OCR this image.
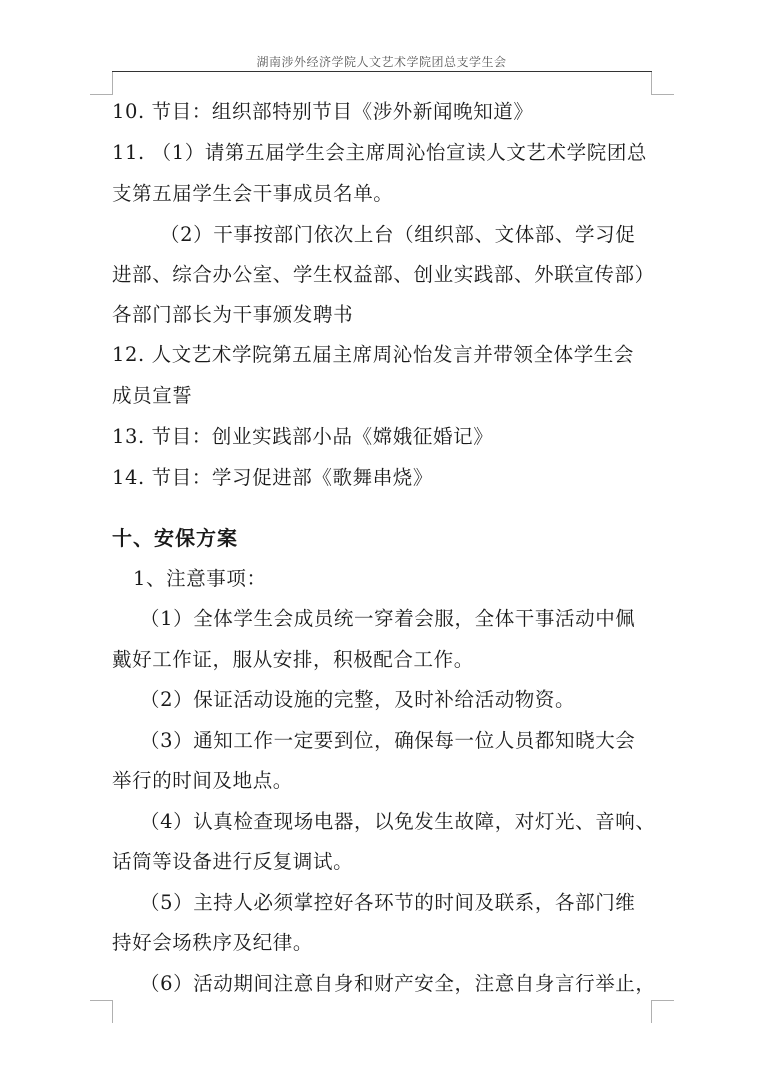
湖南涉外经济学院人文艺术学院团总支学生会
10. 节目：组织部特别节目《涉外新闻晚知道》
11. （1）请第五届学生会主席周沁怡宣读人文艺术学院团总
支第五届学生会干事成员名单。
（2）干事按部门依次上台（组织部、文体部、学习促
进部、综合办公室、学生权益部、创业实践部、外联宣传部）
各部门部长为干事颁发聘书
12. 人文艺术学院第五届主席周沁怡发言并带领全体学生会
成员宣誓
13. 节目：创业实践部小品《嫦娥征婚记》
14. 节目：学习促进部《歌舞串烧》
十、安保方案
1、注意事项：
（1）全体学生会成员统一穿着会服，全体干事活动中佩
戴好工作证，服从安排，积极配合工作。
（2）保证活动设施的完整，及时补给活动物资。
（3）通知工作一定要到位，确保每一位人员都知晓大会
举行的时间及地点。
（4）认真检查现场电器，以免发生故障，对灯光、音响、
话筒等设备进行反复调试。
（5）主持人必须掌控好各环节的时间及联系，各部门维
持好会场秩序及纪律。
（6）活动期间注意自身和财产安全，注意自身言行举止，
